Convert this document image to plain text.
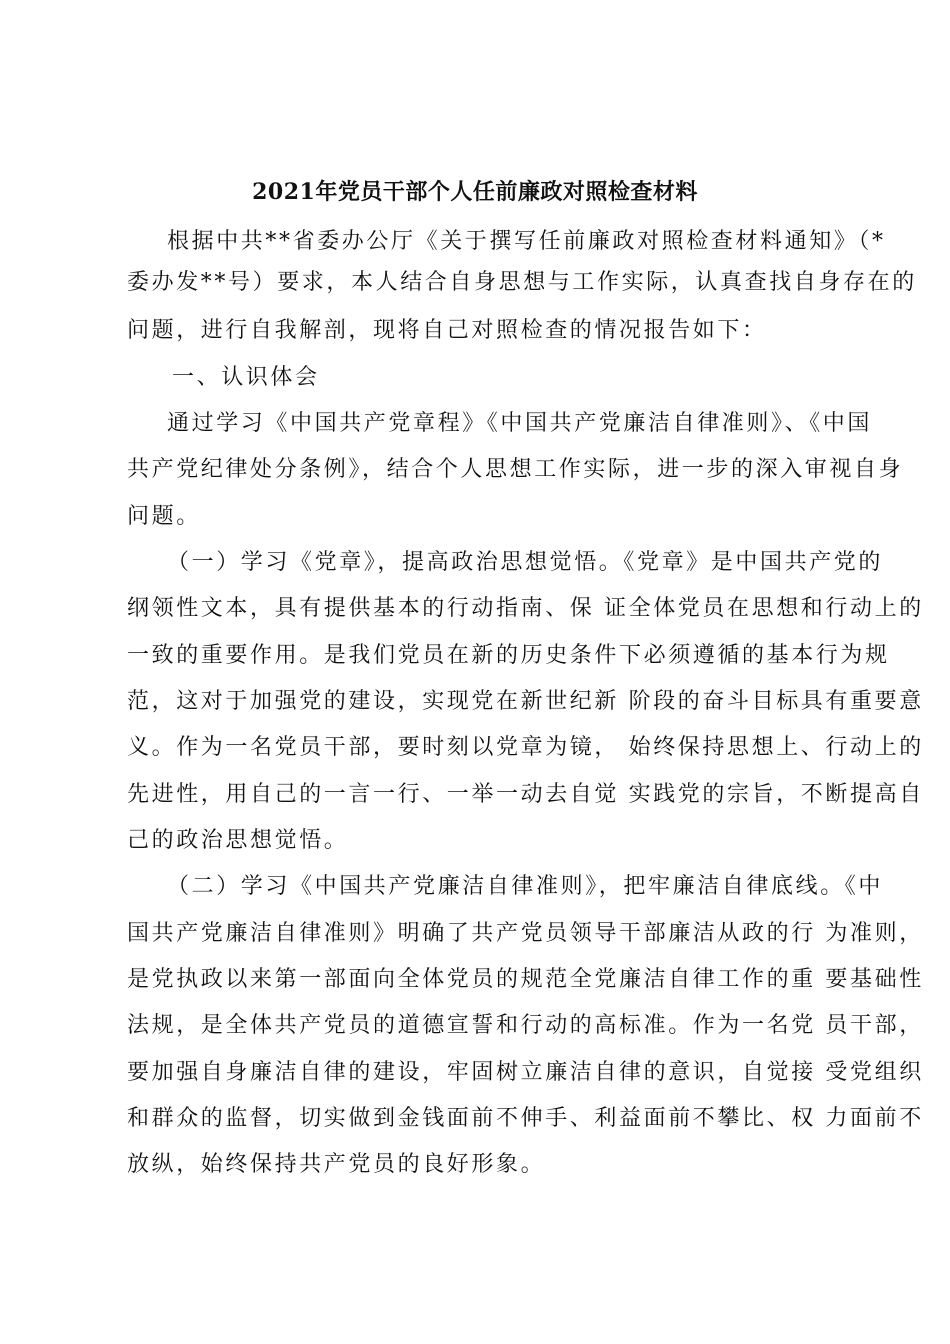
2021年党员干部个人任前廉政对照检查材料
根据中共**省委办公厅《关于撰写任前廉政对照检查材料通知》（*
委办发**号）要求，本人结合自身思想与工作实际，认真查找自身存在的
问题，进行自我解剖，现将自己对照检查的情况报告如下：
一、认识体会
通过学习《中国共产党章程》《中国共产党廉洁自律准则》、《中国
共产党纪律处分条例》，结合个人思想工作实际，进一步的深入审视自身
问题。
（一）学习《党章》，提高政治思想觉悟。《党章》是中国共产党的
纲领性文本，具有提供基本的行动指南、保 证全体党员在思想和行动上的
一致的重要作用。是我们党员在新的历史条件下必须遵循的基本行为规
范，这对于加强党的建设，实现党在新世纪新 阶段的奋斗目标具有重要意
义。作为一名党员干部，要时刻以党章为镜， 始终保持思想上、行动上的
先进性，用自己的一言一行、一举一动去自觉 实践党的宗旨，不断提高自
己的政治思想觉悟。
（二）学习《中国共产党廉洁自律准则》，把牢廉洁自律底线。《中
国共产党廉洁自律准则》明确了共产党员领导干部廉洁从政的行 为准则，
是党执政以来第一部面向全体党员的规范全党廉洁自律工作的重 要基础性
法规，是全体共产党员的道德宣誓和行动的高标准。作为一名党 员干部，
要加强自身廉洁自律的建设，牢固树立廉洁自律的意识，自觉接 受党组织
和群众的监督，切实做到金钱面前不伸手、利益面前不攀比、权 力面前不
放纵，始终保持共产党员的良好形象。
